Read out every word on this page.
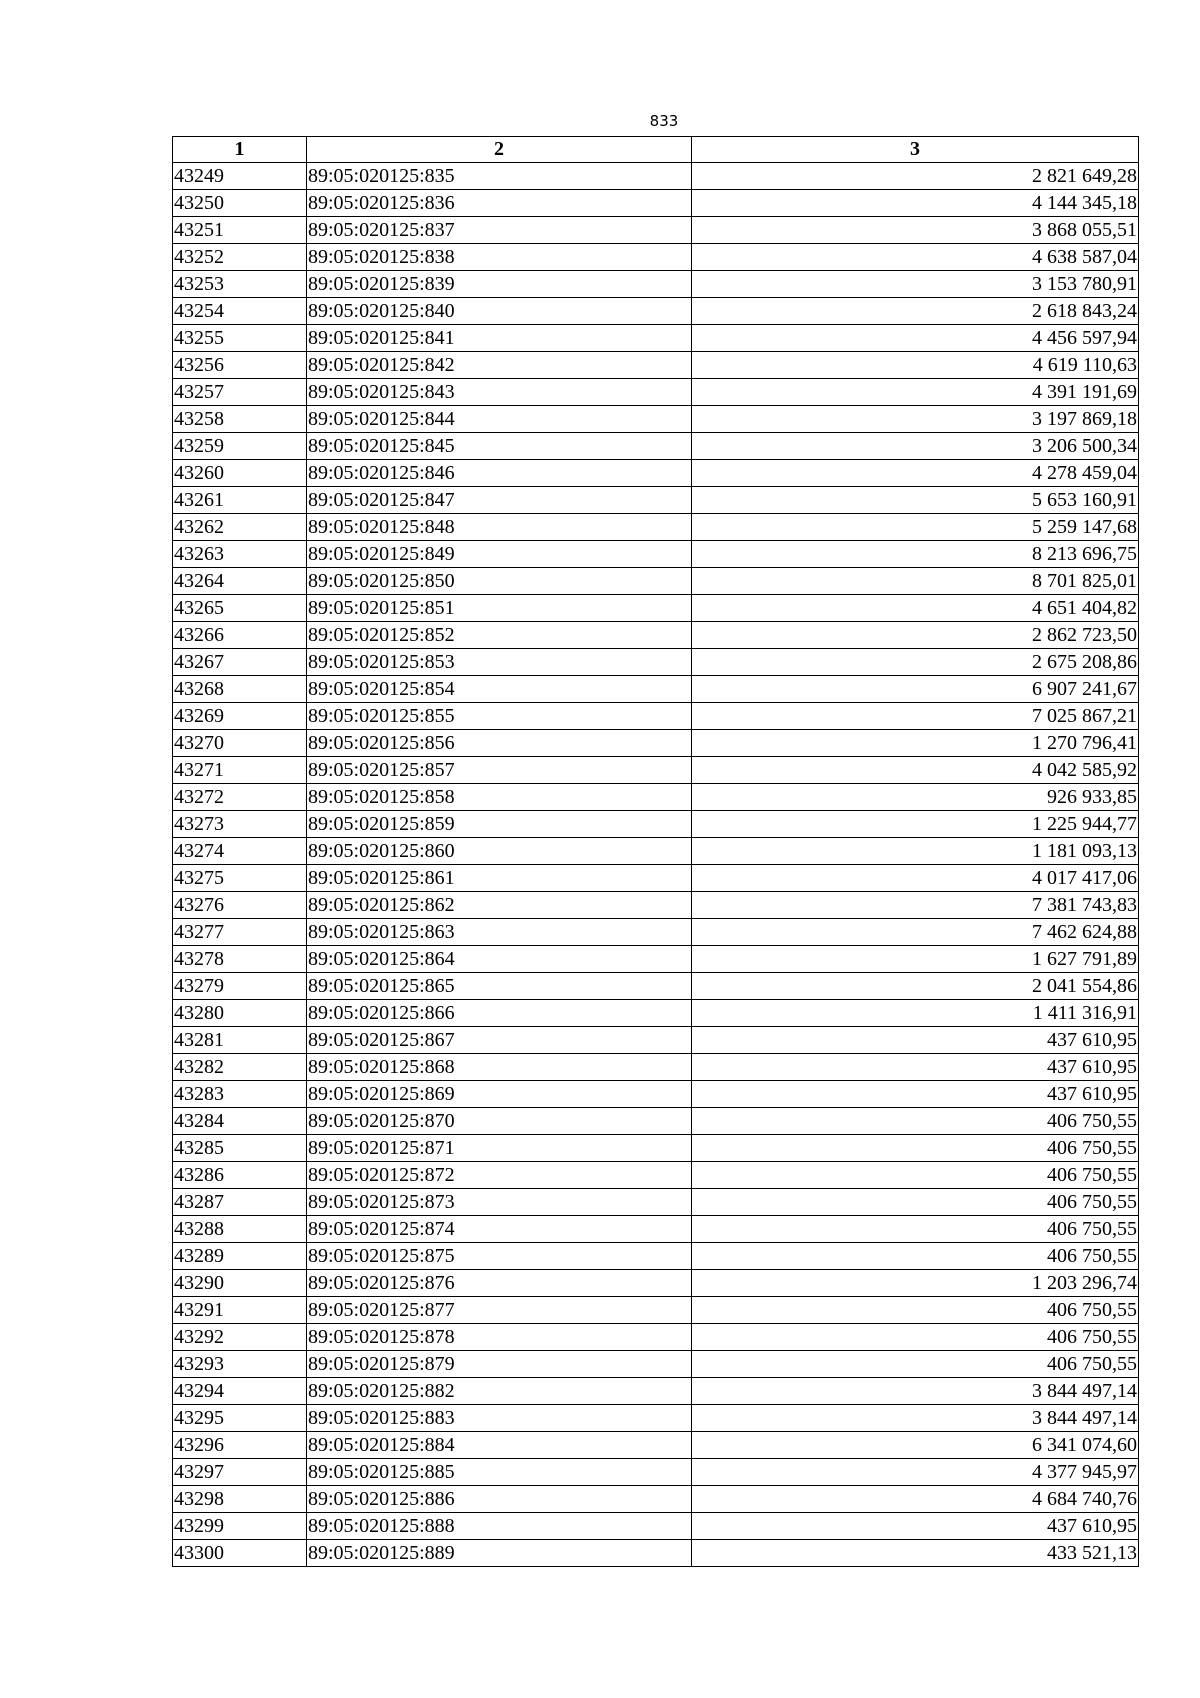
833
1	2	3
43249	89:05:020125:835	2 821 649,28
43250	89:05:020125:836	4 144 345,18
43251	89:05:020125:837	3 868 055,51
43252	89:05:020125:838	4 638 587,04
43253	89:05:020125:839	3 153 780,91
43254	89:05:020125:840	2 618 843,24
43255	89:05:020125:841	4 456 597,94
43256	89:05:020125:842	4 619 110,63
43257	89:05:020125:843	4 391 191,69
43258	89:05:020125:844	3 197 869,18
43259	89:05:020125:845	3 206 500,34
43260	89:05:020125:846	4 278 459,04
43261	89:05:020125:847	5 653 160,91
43262	89:05:020125:848	5 259 147,68
43263	89:05:020125:849	8 213 696,75
43264	89:05:020125:850	8 701 825,01
43265	89:05:020125:851	4 651 404,82
43266	89:05:020125:852	2 862 723,50
43267	89:05:020125:853	2 675 208,86
43268	89:05:020125:854	6 907 241,67
43269	89:05:020125:855	7 025 867,21
43270	89:05:020125:856	1 270 796,41
43271	89:05:020125:857	4 042 585,92
43272	89:05:020125:858	926 933,85
43273	89:05:020125:859	1 225 944,77
43274	89:05:020125:860	1 181 093,13
43275	89:05:020125:861	4 017 417,06
43276	89:05:020125:862	7 381 743,83
43277	89:05:020125:863	7 462 624,88
43278	89:05:020125:864	1 627 791,89
43279	89:05:020125:865	2 041 554,86
43280	89:05:020125:866	1 411 316,91
43281	89:05:020125:867	437 610,95
43282	89:05:020125:868	437 610,95
43283	89:05:020125:869	437 610,95
43284	89:05:020125:870	406 750,55
43285	89:05:020125:871	406 750,55
43286	89:05:020125:872	406 750,55
43287	89:05:020125:873	406 750,55
43288	89:05:020125:874	406 750,55
43289	89:05:020125:875	406 750,55
43290	89:05:020125:876	1 203 296,74
43291	89:05:020125:877	406 750,55
43292	89:05:020125:878	406 750,55
43293	89:05:020125:879	406 750,55
43294	89:05:020125:882	3 844 497,14
43295	89:05:020125:883	3 844 497,14
43296	89:05:020125:884	6 341 074,60
43297	89:05:020125:885	4 377 945,97
43298	89:05:020125:886	4 684 740,76
43299	89:05:020125:888	437 610,95
43300	89:05:020125:889	433 521,13
